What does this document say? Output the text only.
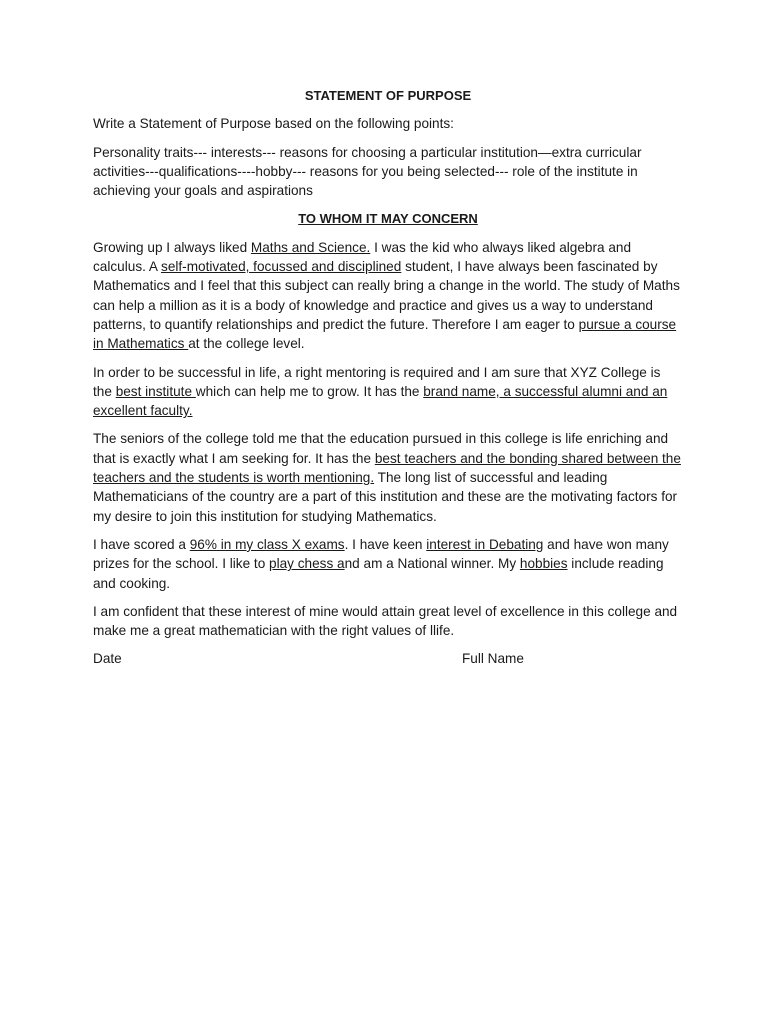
STATEMENT OF PURPOSE

Write a Statement of Purpose based on the following points:

Personality traits--- interests--- reasons for choosing a particular institution—extra curricular activities---qualifications----hobby--- reasons for you being selected--- role of the institute in achieving your goals and aspirations

TO WHOM IT MAY CONCERN

Growing up I always liked Maths and Science. I was the kid who always liked algebra and calculus. A self-motivated, focussed and disciplined student, I have always been fascinated by Mathematics and I feel that this subject can really bring a change in the world. The study of Maths can help a million as it is a body of knowledge and practice and gives us a way to understand patterns, to quantify relationships and predict the future. Therefore I am eager to pursue a course in Mathematics at the college level.

In order to be successful in life, a right mentoring is required and I am sure that XYZ College is the best institute which can help me to grow. It has the brand name, a successful alumni and an excellent faculty.

The seniors of the college told me that the education pursued in this college is life enriching and that is exactly what I am seeking for. It has the best teachers and the bonding shared between the teachers and the students is worth mentioning. The long list of successful and leading Mathematicians of the country are a part of this institution and these are the motivating factors for my desire to join this institution for studying Mathematics.

I have scored a 96% in my class X exams. I have keen interest in Debating and have won many prizes for the school. I like to play chess and am a National winner. My hobbies include reading and cooking.

I am confident that these interest of mine would attain great level of excellence in this college and make me a great mathematician with the right values of llife.

Date	Full Name
